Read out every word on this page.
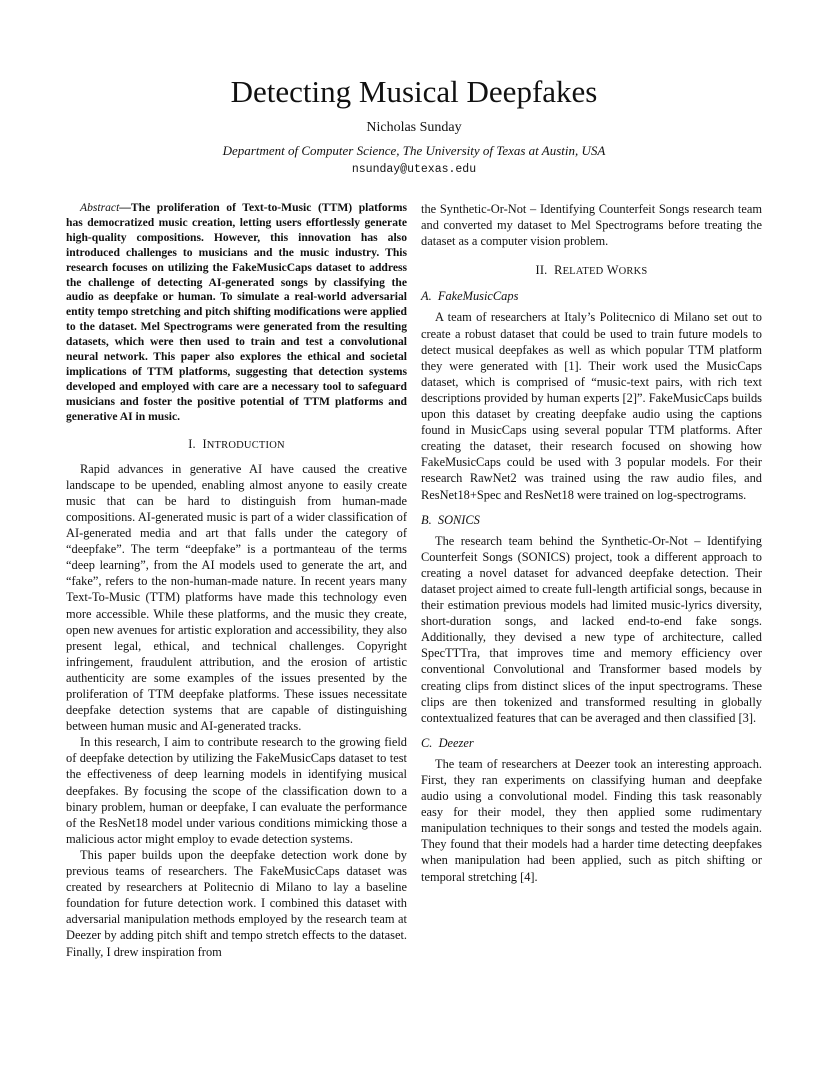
Detecting Musical Deepfakes
Nicholas Sunday
Department of Computer Science, The University of Texas at Austin, USA
nsunday@utexas.edu

Abstract—The proliferation of Text-to-Music (TTM) platforms has democratized music creation, letting users effortlessly generate high-quality compositions. However, this innovation has also introduced challenges to musicians and the music industry. This research focuses on utilizing the FakeMusicCaps dataset to address the challenge of detecting AI-generated songs by classifying the audio as deepfake or human. To simulate a real-world adversarial entity tempo stretching and pitch shifting modifications were applied to the dataset. Mel Spectrograms were generated from the resulting datasets, which were then used to train and test a convolutional neural network. This paper also explores the ethical and societal implications of TTM platforms, suggesting that detection systems developed and employed with care are a necessary tool to safeguard musicians and foster the positive potential of TTM platforms and generative AI in music.

I. INTRODUCTION

Rapid advances in generative AI have caused the creative landscape to be upended, enabling almost anyone to easily create music that can be hard to distinguish from human-made compositions. AI-generated music is part of a wider classification of AI-generated media and art that falls under the category of “deepfake”. The term “deepfake” is a portmanteau of the terms “deep learning”, from the AI models used to generate the art, and “fake”, refers to the non-human-made nature. In recent years many Text-To-Music (TTM) platforms have made this technology even more accessible. While these platforms, and the music they create, open new avenues for artistic exploration and accessibility, they also present legal, ethical, and technical challenges. Copyright infringement, fraudulent attribution, and the erosion of artistic authenticity are some examples of the issues presented by the proliferation of TTM deepfake platforms. These issues necessitate deepfake detection systems that are capable of distinguishing between human music and AI-generated tracks.

In this research, I aim to contribute research to the growing field of deepfake detection by utilizing the FakeMusicCaps dataset to test the effectiveness of deep learning models in identifying musical deepfakes. By focusing the scope of the classification down to a binary problem, human or deepfake, I can evaluate the performance of the ResNet18 model under various conditions mimicking those a malicious actor might employ to evade detection systems.

This paper builds upon the deepfake detection work done by previous teams of researchers. The FakeMusicCaps dataset was created by researchers at Politecnio di Milano to lay a baseline foundation for future detection work. I combined this dataset with adversarial manipulation methods employed by the research team at Deezer by adding pitch shift and tempo stretch effects to the dataset. Finally, I drew inspiration from

the Synthetic-Or-Not – Identifying Counterfeit Songs research team and converted my dataset to Mel Spectrograms before treating the dataset as a computer vision problem.

II. RELATED WORKS
A. FakeMusicCaps

A team of researchers at Italy’s Politecnico di Milano set out to create a robust dataset that could be used to train future models to detect musical deepfakes as well as which popular TTM platform they were generated with [1]. Their work used the MusicCaps dataset, which is comprised of “music-text pairs, with rich text descriptions provided by human experts [2]”. FakeMusicCaps builds upon this dataset by creating deepfake audio using the captions found in MusicCaps using several popular TTM platforms. After creating the dataset, their research focused on showing how FakeMusicCaps could be used with 3 popular models. For their research RawNet2 was trained using the raw audio files, and ResNet18+Spec and ResNet18 were trained on log-spectrograms.

B. SONICS

The research team behind the Synthetic-Or-Not – Identifying Counterfeit Songs (SONICS) project, took a different approach to creating a novel dataset for advanced deepfake detection. Their dataset project aimed to create full-length artificial songs, because in their estimation previous models had limited music-lyrics diversity, short-duration songs, and lacked end-to-end fake songs. Additionally, they devised a new type of architecture, called SpecTTTra, that improves time and memory efficiency over conventional Convolutional and Transformer based models by creating clips from distinct slices of the input spectrograms. These clips are then tokenized and transformed resulting in globally contextualized features that can be averaged and then classified [3].

C. Deezer

The team of researchers at Deezer took an interesting approach. First, they ran experiments on classifying human and deepfake audio using a convolutional model. Finding this task reasonably easy for their model, they then applied some rudimentary manipulation techniques to their songs and tested the models again. They found that their models had a harder time detecting deepfakes when manipulation had been applied, such as pitch shifting or temporal stretching [4].
